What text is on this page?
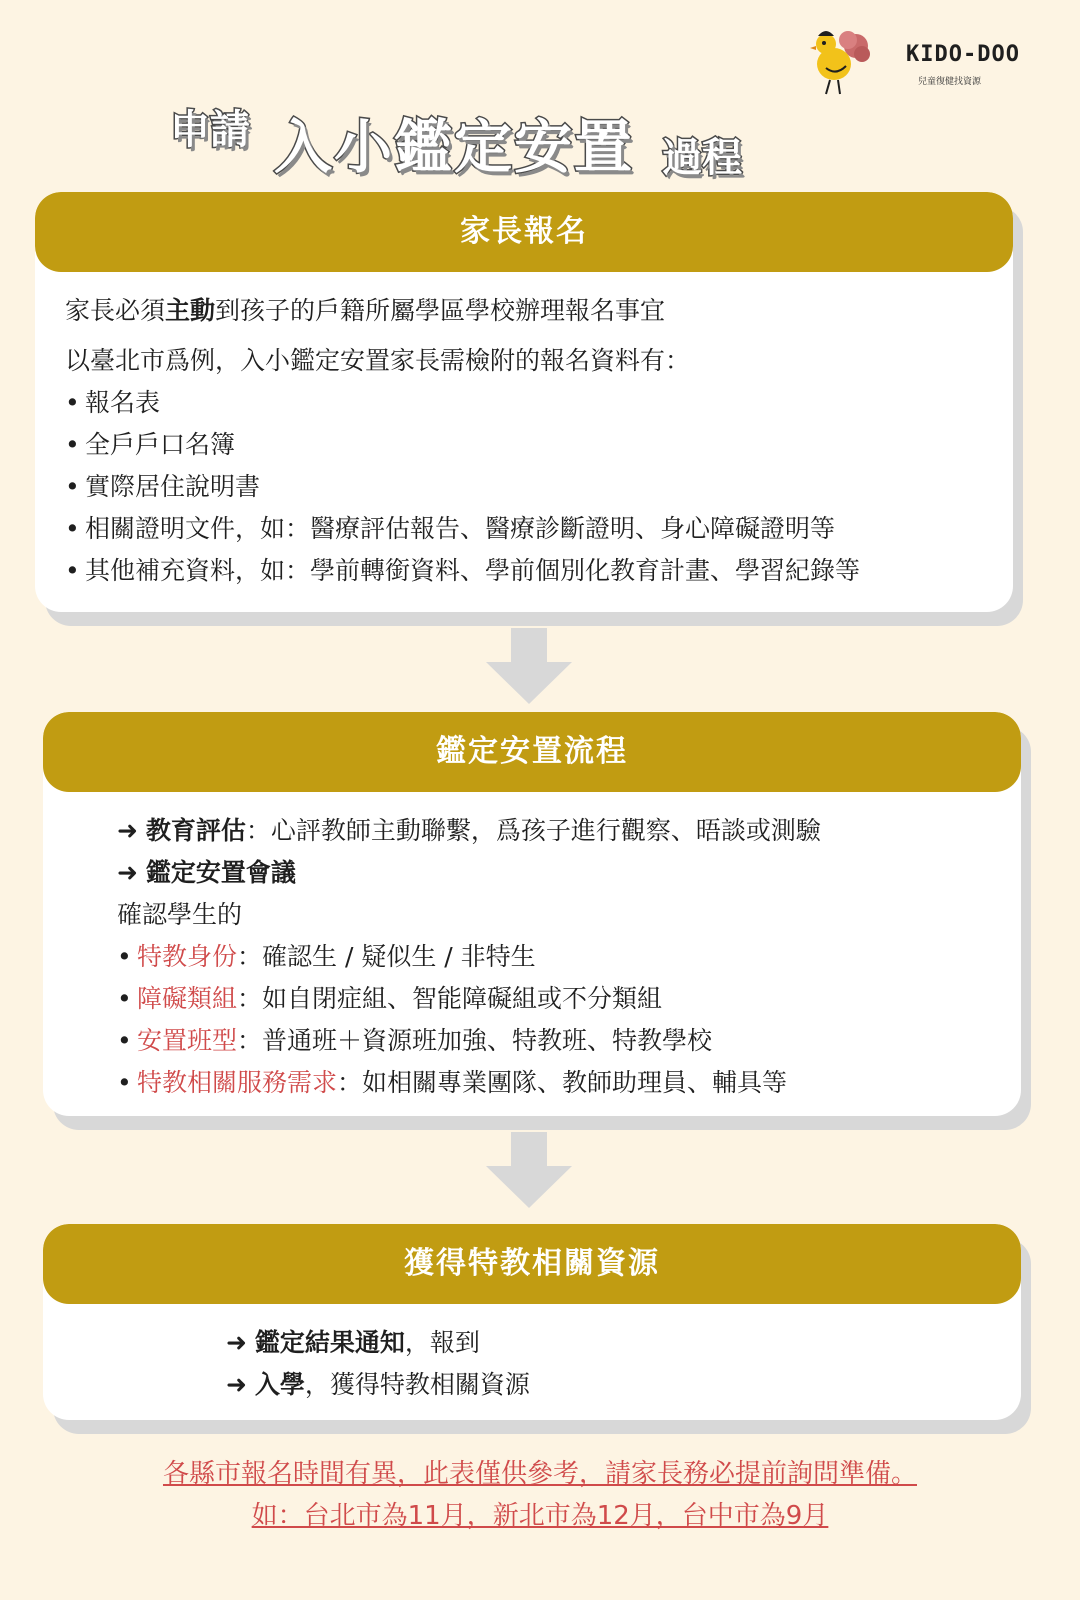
KIDO-DOO
兒童復健找資源
申請 入小鑑定安置 過程
家長報名
家長必須主動到孩子的戶籍所屬學區學校辦理報名事宜
以臺北市爲例，入小鑑定安置家長需檢附的報名資料有：
• 報名表
• 全戶戶口名簿
• 實際居住說明書
• 相關證明文件，如：醫療評估報告、醫療診斷證明、身心障礙證明等
• 其他補充資料，如：學前轉銜資料、學前個別化教育計畫、學習紀錄等
鑑定安置流程
➜ 教育評估：心評教師主動聯繫，爲孩子進行觀察、晤談或測驗
➜ 鑑定安置會議
確認學生的
• 特教身份：確認生 / 疑似生 / 非特生
• 障礙類組：如自閉症組、智能障礙組或不分類組
• 安置班型：普通班＋資源班加強、特教班、特教學校
• 特教相關服務需求：如相關專業團隊、教師助理員、輔具等
獲得特教相關資源
➜ 鑑定結果通知，報到
➜ 入學，獲得特教相關資源
各縣市報名時間有異，此表僅供參考，請家長務必提前詢問準備。
如：台北市為11月，新北市為12月，台中市為9月
